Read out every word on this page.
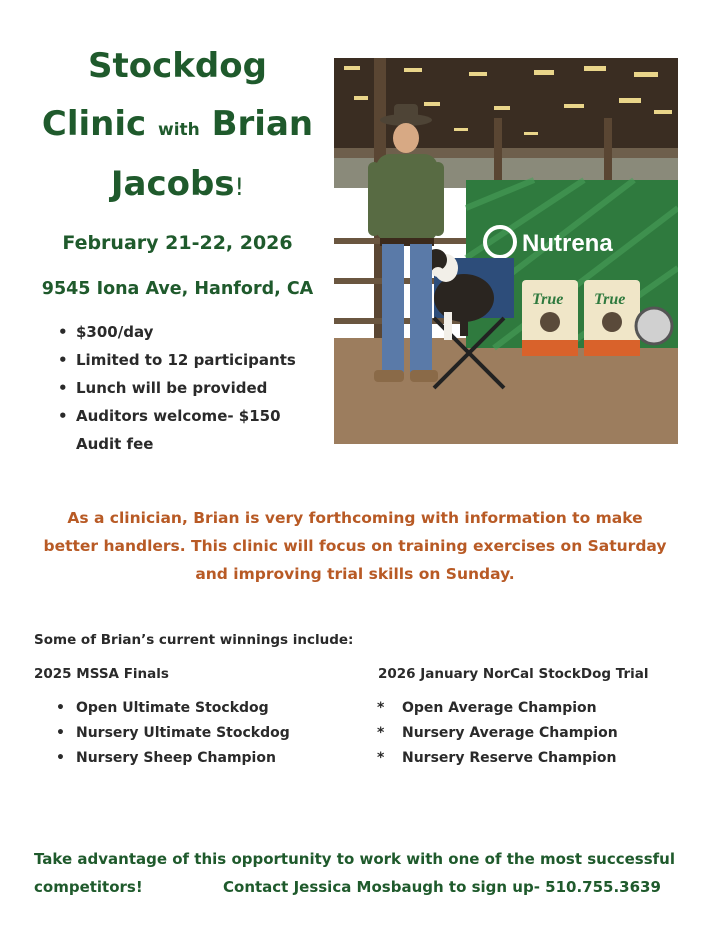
Stockdog
Clinic with Brian
Jacobs!
February 21-22, 2026
9545 Iona Ave, Hanford, CA
• $300/day
• Limited to 12 participants
• Lunch will be provided
• Auditors welcome- $150 Audit fee
Nutrena
True True
As a clinician, Brian is very forthcoming with information to make better handlers. This clinic will focus on training exercises on Saturday and improving trial skills on Sunday.
Some of Brian’s current winnings include:
2025 MSSA Finals	2026 January NorCal StockDog Trial
• Open Ultimate Stockdog
• Nursery Ultimate Stockdog
• Nursery Sheep Champion
* Open Average Champion
* Nursery Average Champion
* Nursery Reserve Champion
Take advantage of this opportunity to work with one of the most successful
competitors!	Contact Jessica Mosbaugh to sign up- 510.755.3639
